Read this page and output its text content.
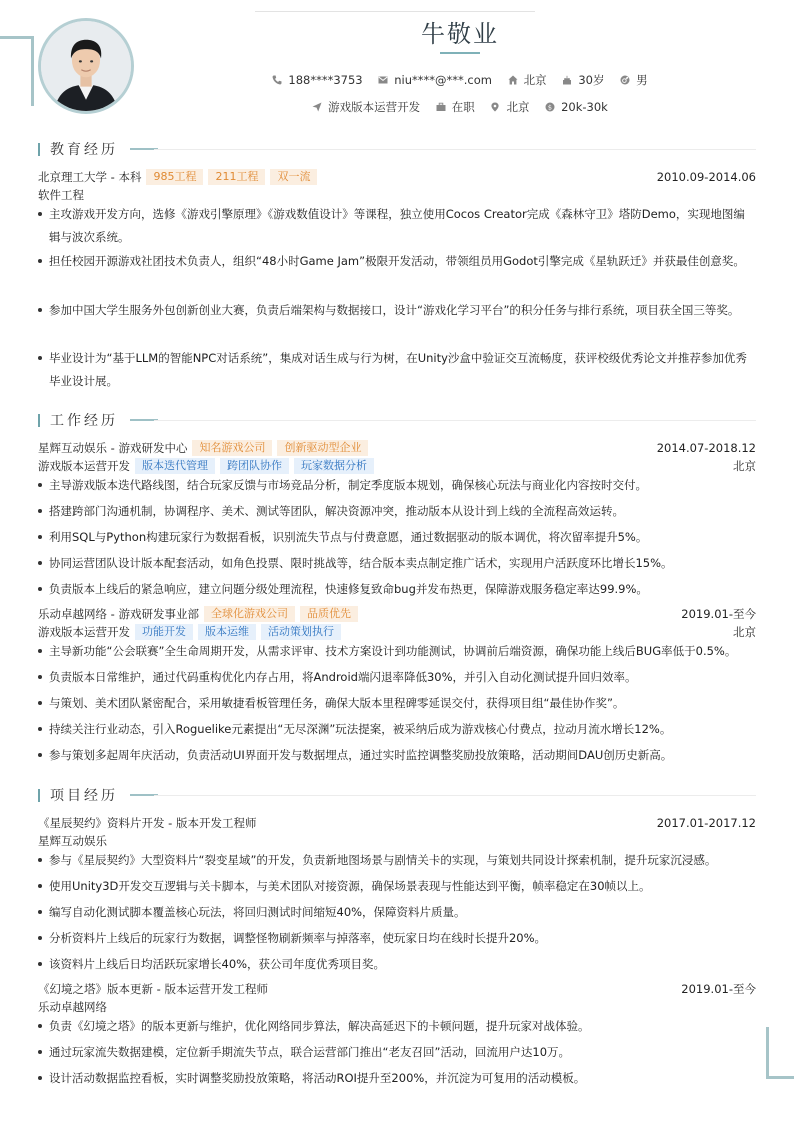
牛敬业
188****3753	niu****@***.com	北京	30岁	男
游戏版本运营开发	在职	北京	$ 20k-30k
教育经历
北京理工大学 - 本科	985工程	211工程	双一流	2010.09-2014.06
软件工程
主攻游戏开发方向，选修《游戏引擎原理》《游戏数值设计》等课程，独立使用Cocos Creator完成《森林守卫》塔防Demo，实现地图编辑与波次系统。
担任校园开源游戏社团技术负责人，组织“48小时Game Jam”极限开发活动，带领组员用Godot引擎完成《星轨跃迁》并获最佳创意奖。
参加中国大学生服务外包创新创业大赛，负责后端架构与数据接口，设计“游戏化学习平台”的积分任务与排行系统，项目获全国三等奖。
毕业设计为“基于LLM的智能NPC对话系统”，集成对话生成与行为树，在Unity沙盒中验证交互流畅度，获评校级优秀论文并推荐参加优秀毕业设计展。
工作经历
星辉互动娱乐 - 游戏研发中心	知名游戏公司	创新驱动型企业	2014.07-2018.12
游戏版本运营开发	版本迭代管理	跨团队协作	玩家数据分析	北京
主导游戏版本迭代路线图，结合玩家反馈与市场竞品分析，制定季度版本规划，确保核心玩法与商业化内容按时交付。
搭建跨部门沟通机制，协调程序、美术、测试等团队，解决资源冲突，推动版本从设计到上线的全流程高效运转。
利用SQL与Python构建玩家行为数据看板，识别流失节点与付费意愿，通过数据驱动的版本调优，将次留率提升5%。
协同运营团队设计版本配套活动，如角色投票、限时挑战等，结合版本卖点制定推广话术，实现用户活跃度环比增长15%。
负责版本上线后的紧急响应，建立问题分级处理流程，快速修复致命bug并发布热更，保障游戏服务稳定率达99.9%。
乐动卓越网络 - 游戏研发事业部	全球化游戏公司	品质优先	2019.01-至今
游戏版本运营开发	功能开发	版本运维	活动策划执行	北京
主导新功能“公会联赛”全生命周期开发，从需求评审、技术方案设计到功能测试，协调前后端资源，确保功能上线后BUG率低于0.5%。
负责版本日常维护，通过代码重构优化内存占用，将Android端闪退率降低30%，并引入自动化测试提升回归效率。
与策划、美术团队紧密配合，采用敏捷看板管理任务，确保大版本里程碑零延误交付，获得项目组“最佳协作奖”。
持续关注行业动态，引入Roguelike元素提出“无尽深渊”玩法提案，被采纳后成为游戏核心付费点，拉动月流水增长12%。
参与策划多起周年庆活动，负责活动UI界面开发与数据埋点，通过实时监控调整奖励投放策略，活动期间DAU创历史新高。
项目经历
《星辰契约》资料片开发 - 版本开发工程师	2017.01-2017.12
星辉互动娱乐
参与《星辰契约》大型资料片“裂变星域”的开发，负责新地图场景与剧情关卡的实现，与策划共同设计探索机制，提升玩家沉浸感。
使用Unity3D开发交互逻辑与关卡脚本，与美术团队对接资源，确保场景表现与性能达到平衡，帧率稳定在30帧以上。
编写自动化测试脚本覆盖核心玩法，将回归测试时间缩短40%，保障资料片质量。
分析资料片上线后的玩家行为数据，调整怪物刷新频率与掉落率，使玩家日均在线时长提升20%。
该资料片上线后日均活跃玩家增长40%，获公司年度优秀项目奖。
《幻境之塔》版本更新 - 版本运营开发工程师	2019.01-至今
乐动卓越网络
负责《幻境之塔》的版本更新与维护，优化网络同步算法，解决高延迟下的卡顿问题，提升玩家对战体验。
通过玩家流失数据建模，定位新手期流失节点，联合运营部门推出“老友召回”活动，回流用户达10万。
设计活动数据监控看板，实时调整奖励投放策略，将活动ROI提升至200%，并沉淀为可复用的活动模板。
